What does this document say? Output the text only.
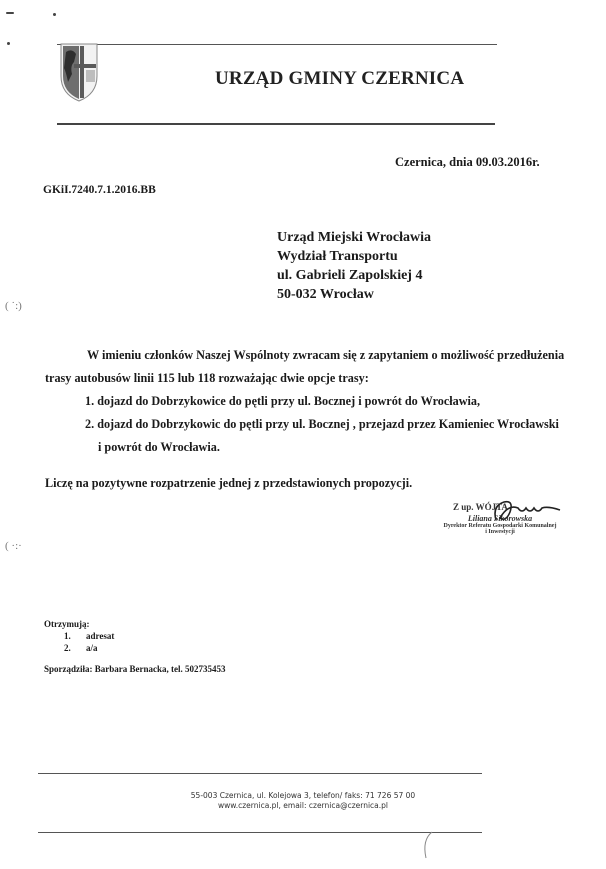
URZĄD GMINY CZERNICA
Czernica, dnia 09.03.2016r.
GKiI.7240.7.1.2016.BB
Urząd Miejski Wrocławia
Wydział Transportu
ul. Gabrieli Zapolskiej 4
50-032 Wrocław
( ˙:)
( ·:·
W imieniu członków Naszej Wspólnoty zwracam się z zapytaniem o możliwość przedłużenia
trasy autobusów linii 115 lub 118 rozważając dwie opcje trasy:
1. dojazd do Dobrzykowice do pętli przy ul. Bocznej i powrót do Wrocławia,
2. dojazd do Dobrzykowic do pętli przy ul. Bocznej , przejazd przez Kamieniec Wrocławski
i powrót do Wrocławia.
Liczę na pozytywne rozpatrzenie jednej z przedstawionych propozycji.
Z up. WÓJTA
Liliana Sikorowska
Dyrektor Referatu Gospodarki Komunalnej
i Inwestycji
Otrzymują:
1. adresat
2. a/a
Sporządziła: Barbara Bernacka, tel. 502735453
55-003 Czernica, ul. Kolejowa 3, telefon/ faks: 71 726 57 00
www.czernica.pl, email: czernica@czernica.pl
